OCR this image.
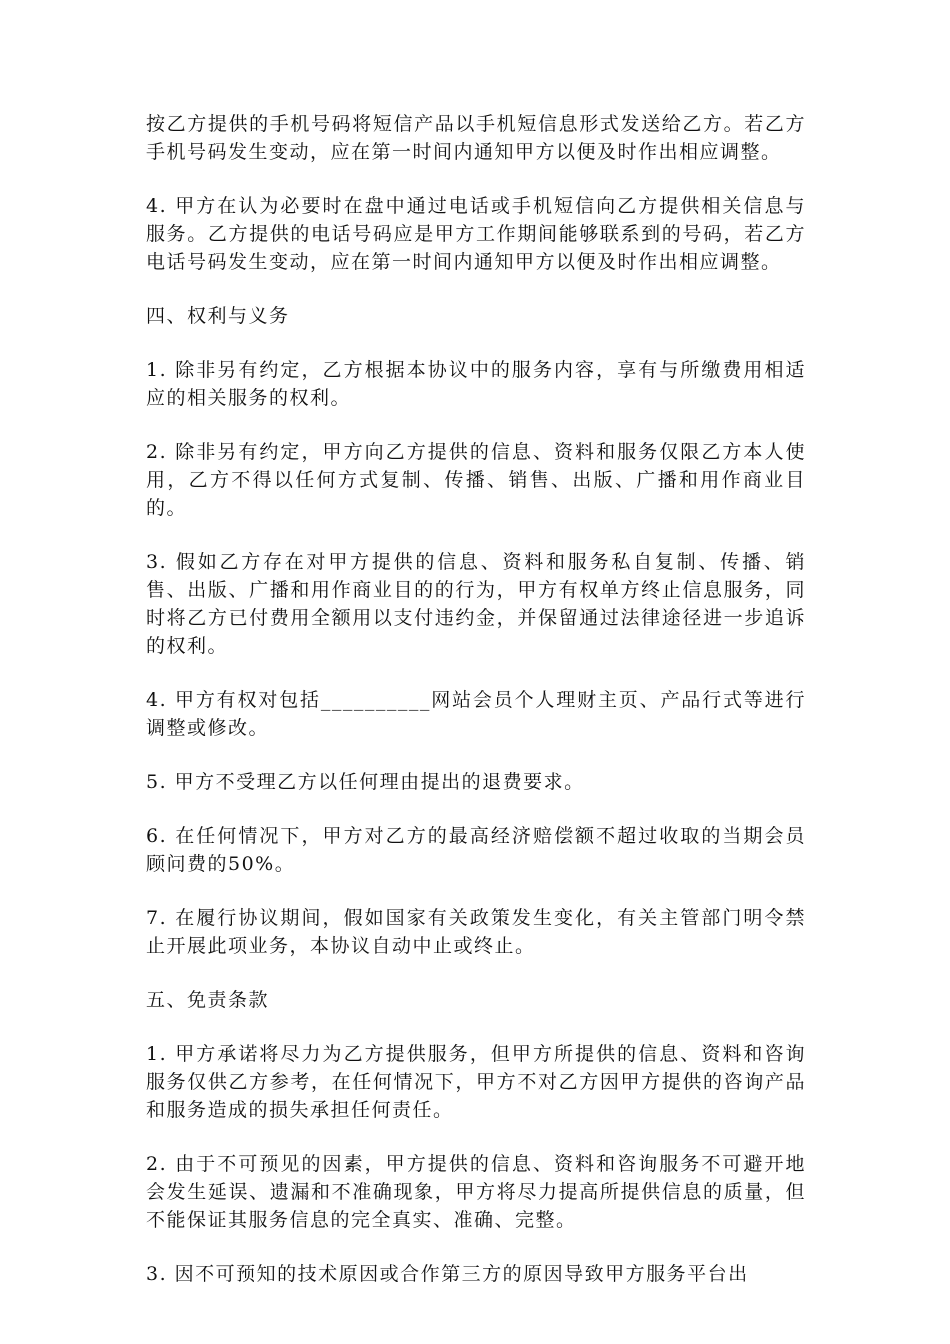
按乙方提供的手机号码将短信产品以手机短信息形式发送给乙方。若乙方手机号码发生变动，应在第一时间内通知甲方以便及时作出相应调整。

4. 甲方在认为必要时在盘中通过电话或手机短信向乙方提供相关信息与服务。乙方提供的电话号码应是甲方工作期间能够联系到的号码，若乙方电话号码发生变动，应在第一时间内通知甲方以便及时作出相应调整。

四、权利与义务

1. 除非另有约定，乙方根据本协议中的服务内容，享有与所缴费用相适应的相关服务的权利。

2. 除非另有约定，甲方向乙方提供的信息、资料和服务仅限乙方本人使用，乙方不得以任何方式复制、传播、销售、出版、广播和用作商业目的。

3. 假如乙方存在对甲方提供的信息、资料和服务私自复制、传播、销售、出版、广播和用作商业目的的行为，甲方有权单方终止信息服务，同时将乙方已付费用全额用以支付违约金，并保留通过法律途径进一步追诉的权利。

4. 甲方有权对包括__________网站会员个人理财主页、产品行式等进行调整或修改。

5. 甲方不受理乙方以任何理由提出的退费要求。

6. 在任何情况下，甲方对乙方的最高经济赔偿额不超过收取的当期会员顾问费的50%。

7. 在履行协议期间，假如国家有关政策发生变化，有关主管部门明令禁止开展此项业务，本协议自动中止或终止。

五、免责条款

1. 甲方承诺将尽力为乙方提供服务，但甲方所提供的信息、资料和咨询服务仅供乙方参考，在任何情况下，甲方不对乙方因甲方提供的咨询产品和服务造成的损失承担任何责任。

2. 由于不可预见的因素，甲方提供的信息、资料和咨询服务不可避开地会发生延误、遗漏和不准确现象，甲方将尽力提高所提供信息的质量，但不能保证其服务信息的完全真实、准确、完整。

3. 因不可预知的技术原因或合作第三方的原因导致甲方服务平台出
